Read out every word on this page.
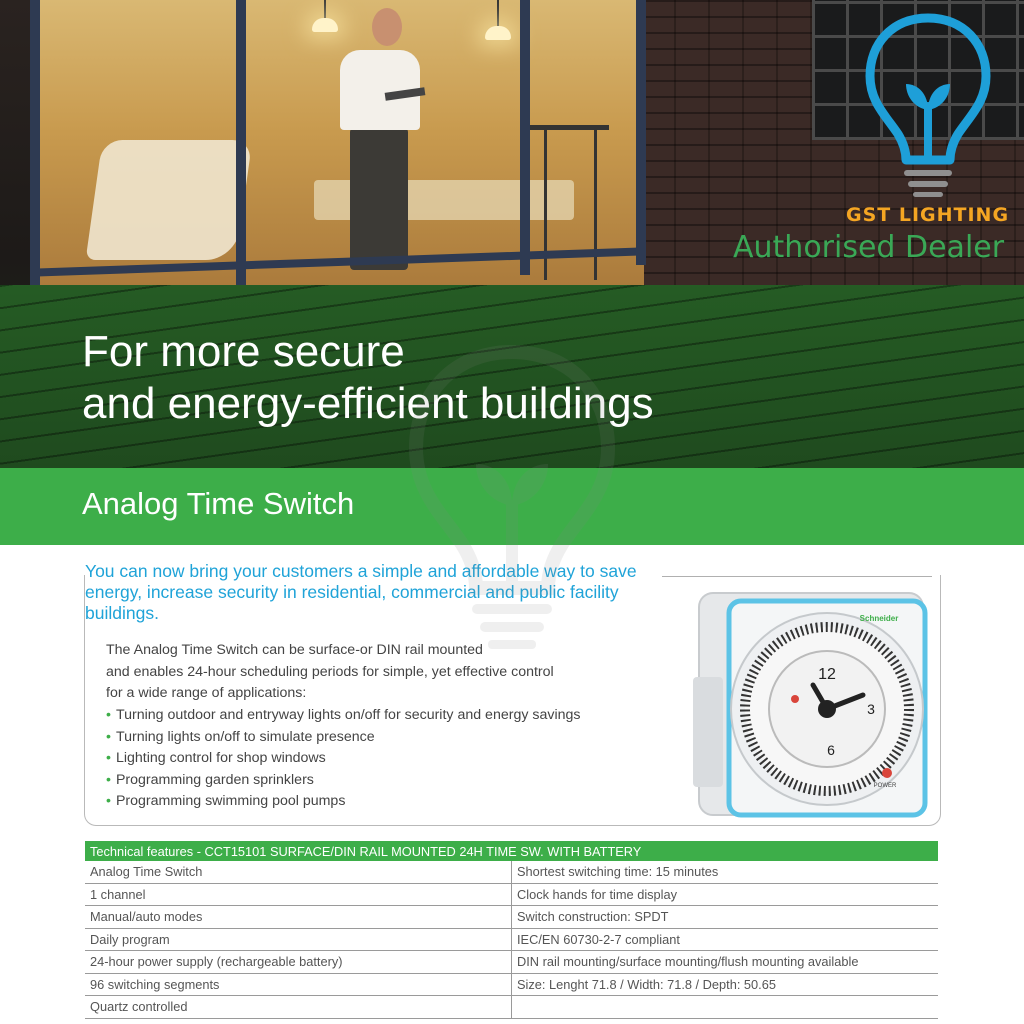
For more secure
and energy-efficient buildings
GST LIGHTING
Authorised Dealer
Analog Time Switch

You can now bring your customers a simple and affordable way to save energy, increase security in residential, commercial and public facility buildings.

The Analog Time Switch can be surface-or DIN rail mounted
and enables 24-hour scheduling periods for simple, yet effective control
for a wide range of applications:

• Turning outdoor and entryway lights on/off for security and energy savings
• Turning lights on/off to simulate presence
• Lighting control for shop windows
• Programming garden sprinklers
• Programming swimming pool pumps
12
3
6
Schneider
POWER
Technical features - CCT15101 SURFACE/DIN RAIL MOUNTED 24H TIME SW. WITH BATTERY	
Analog Time Switch	Shortest switching time: 15 minutes
1 channel	Clock hands for time display
Manual/auto modes	Switch construction: SPDT
Daily program	IEC/EN 60730-2-7 compliant
24-hour power supply (rechargeable battery)	DIN rail mounting/surface mounting/flush mounting available
96 switching segments	Size: Lenght 71.8 / Width: 71.8 / Depth: 50.65
Quartz controlled	
